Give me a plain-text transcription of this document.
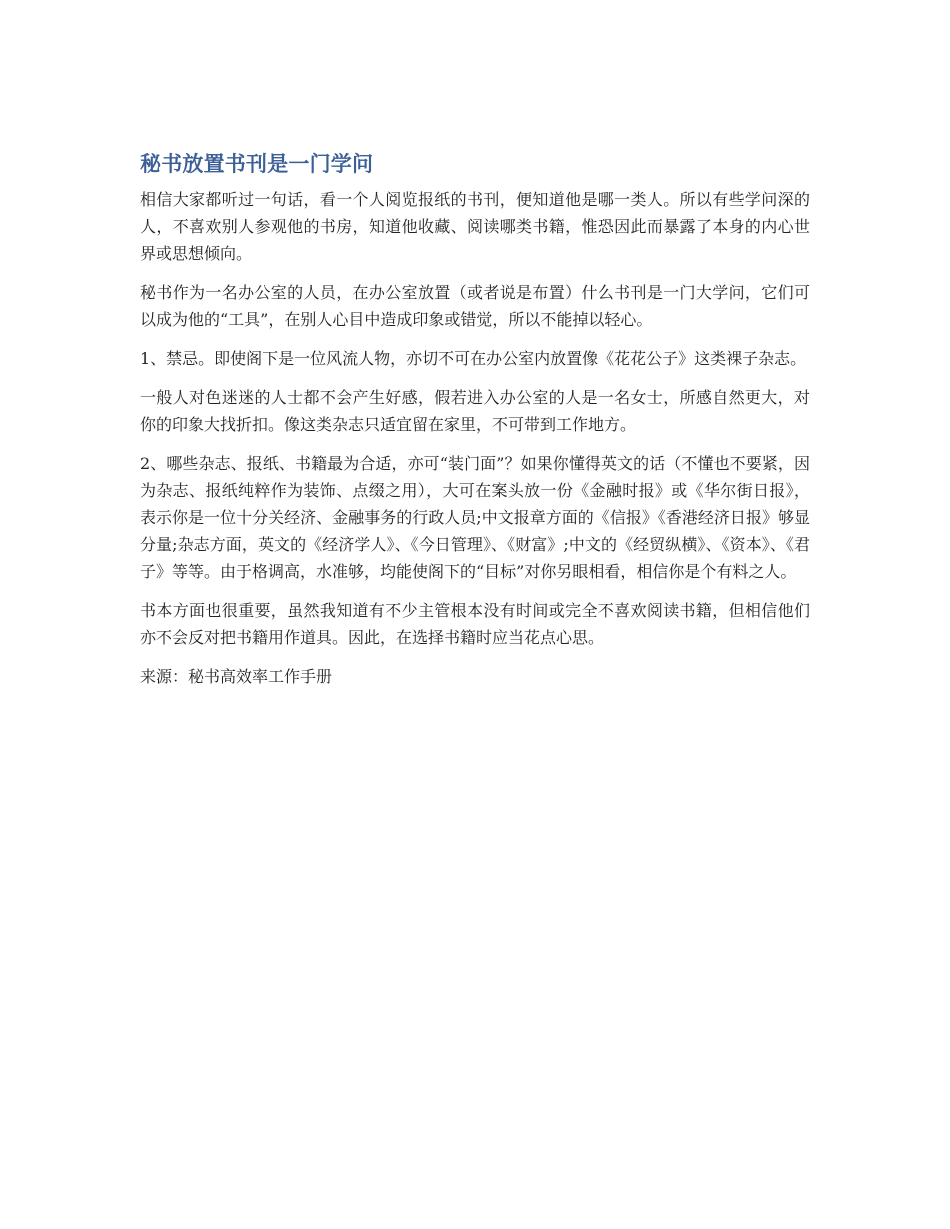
秘书放置书刊是一门学问

相信大家都听过一句话，看一个人阅览报纸的书刊，便知道他是哪一类人。所以有些学问深的人，不喜欢别人参观他的书房，知道他收藏、阅读哪类书籍，惟恐因此而暴露了本身的内心世界或思想倾向。

秘书作为一名办公室的人员，在办公室放置（或者说是布置）什么书刊是一门大学问，它们可以成为他的“工具”，在别人心目中造成印象或错觉，所以不能掉以轻心。

1、禁忌。即使阁下是一位风流人物，亦切不可在办公室内放置像《花花公子》这类裸子杂志。

一般人对色迷迷的人士都不会产生好感，假若进入办公室的人是一名女士，所感自然更大，对你的印象大找折扣。像这类杂志只适宜留在家里，不可带到工作地方。

2、哪些杂志、报纸、书籍最为合适，亦可“装门面”？如果你懂得英文的话（不懂也不要紧，因为杂志、报纸纯粹作为装饰、点缀之用），大可在案头放一份《金融时报》或《华尔街日报》，表示你是一位十分关经济、金融事务的行政人员;中文报章方面的《信报》《香港经济日报》够显分量;杂志方面，英文的《经济学人》、《今日管理》、《财富》;中文的《经贸纵横》、《资本》、《君子》等等。由于格调高，水准够，均能使阁下的“目标”对你另眼相看，相信你是个有料之人。

书本方面也很重要，虽然我知道有不少主管根本没有时间或完全不喜欢阅读书籍，但相信他们亦不会反对把书籍用作道具。因此，在选择书籍时应当花点心思。

来源：秘书高效率工作手册
